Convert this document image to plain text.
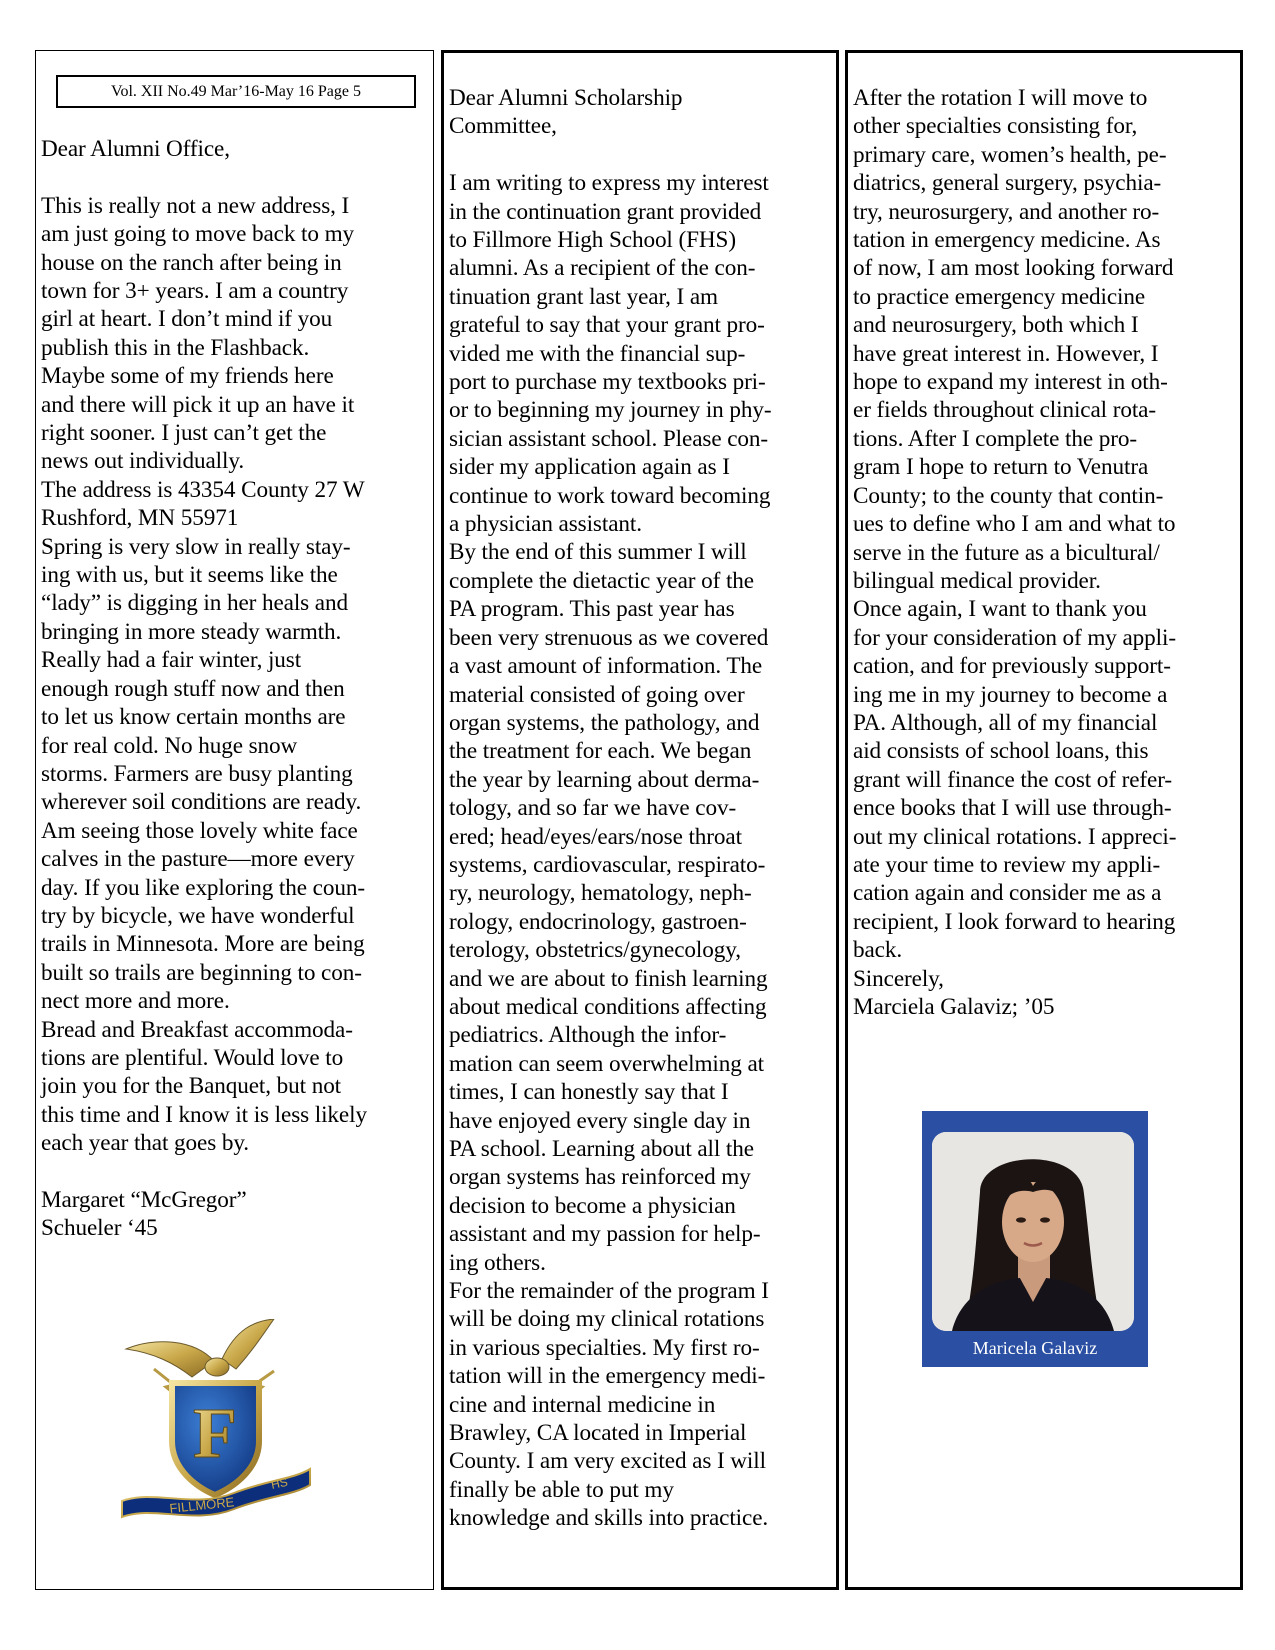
Vol. XII No.49 Mar’16-May 16 Page 5

Dear Alumni Office,

This is really not a new address, I

am just going to move back to my

house on the ranch after being in

town for 3+ years. I am a country

girl at heart. I don’t mind if you

publish this in the Flashback.

Maybe some of my friends here

and there will pick it up an have it

right sooner. I just can’t get the

news out individually.

The address is 43354 County 27 W

Rushford, MN 55971

Spring is very slow in really stay-

ing with us, but it seems like the

“lady” is digging in her heals and

bringing in more steady warmth.

Really had a fair winter, just

enough rough stuff now and then

to let us know certain months are

for real cold. No huge snow

storms. Farmers are busy planting

wherever soil conditions are ready.

Am seeing those lovely white face

calves in the pasture—more every

day. If you like exploring the coun-

try by bicycle, we have wonderful

trails in Minnesota. More are being

built so trails are beginning to con-

nect more and more.

Bread and Breakfast accommoda-

tions are plentiful. Would love to

join you for the Banquet, but not

this time and I know it is less likely

each year that goes by.

Margaret “McGregor”

Schueler ‘45

F
FILLMORE
HS

Dear Alumni Scholarship

Committee,

I am writing to express my interest

in the continuation grant provided

to Fillmore High School (FHS)

alumni. As a recipient of the con-

tinuation grant last year, I am

grateful to say that your grant pro-

vided me with the financial sup-

port to purchase my textbooks pri-

or to beginning my journey in phy-

sician assistant school. Please con-

sider my application again as I

continue to work toward becoming

a physician assistant.

By the end of this summer I will

complete the dietactic year of the

PA program. This past year has

been very strenuous as we covered

a vast amount of information. The

material consisted of going over

organ systems, the pathology, and

the treatment for each. We began

the year by learning about derma-

tology, and so far we have cov-

ered; head/eyes/ears/nose throat

systems, cardiovascular, respirato-

ry, neurology, hematology, neph-

rology, endocrinology, gastroen-

terology, obstetrics/gynecology,

and we are about to finish learning

about medical conditions affecting

pediatrics. Although the infor-

mation can seem overwhelming at

times, I can honestly say that I

have enjoyed every single day in

PA school. Learning about all the

organ systems has reinforced my

decision to become a physician

assistant and my passion for help-

ing others.

For the remainder of the program I

will be doing my clinical rotations

in various specialties. My first ro-

tation will in the emergency medi-

cine and internal medicine in

Brawley, CA located in Imperial

County. I am very excited as I will

finally be able to put my

knowledge and skills into practice.

After the rotation I will move to

other specialties consisting for,

primary care, women’s health, pe-

diatrics, general surgery, psychia-

try, neurosurgery, and another ro-

tation in emergency medicine. As

of now, I am most looking forward

to practice emergency medicine

and neurosurgery, both which I

have great interest in. However, I

hope to expand my interest in oth-

er fields throughout clinical rota-

tions. After I complete the pro-

gram I hope to return to Venutra

County; to the county that contin-

ues to define who I am and what to

serve in the future as a bicultural/

bilingual medical provider.

Once again, I want to thank you

for your consideration of my appli-

cation, and for previously support-

ing me in my journey to become a

PA. Although, all of my financial

aid consists of school loans, this

grant will finance the cost of refer-

ence books that I will use through-

out my clinical rotations. I appreci-

ate your time to review my appli-

cation again and consider me as a

recipient, I look forward to hearing

back.

Sincerely,

Marciela Galaviz; ’05

Maricela Galaviz
